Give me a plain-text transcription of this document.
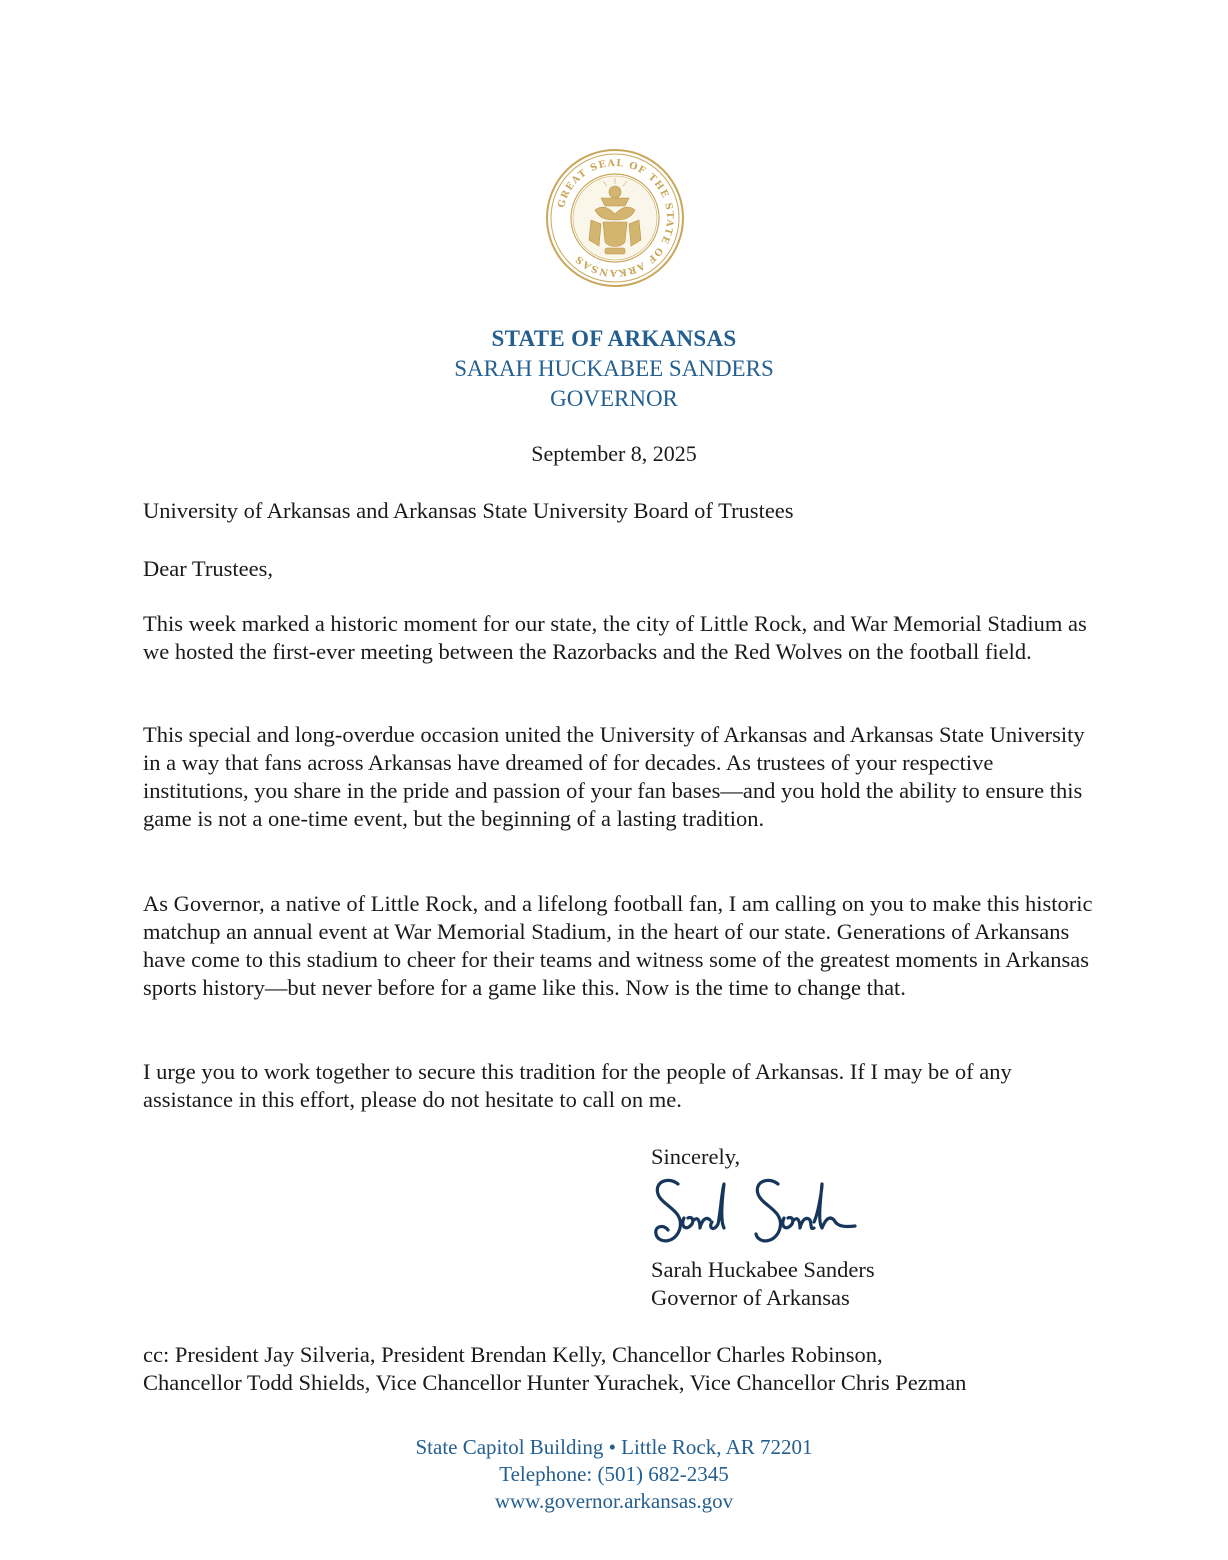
GREAT SEAL OF THE STATE OF ARKANSAS
STATE OF ARKANSAS
SARAH HUCKABEE SANDERS
GOVERNOR
September 8, 2025
University of Arkansas and Arkansas State University Board of Trustees
Dear Trustees,

This week marked a historic moment for our state, the city of Little Rock, and War Memorial Stadium as we hosted the first-ever meeting between the Razorbacks and the Red Wolves on the football field.

This special and long-overdue occasion united the University of Arkansas and Arkansas State University in a way that fans across Arkansas have dreamed of for decades. As trustees of your respective institutions, you share in the pride and passion of your fan bases—and you hold the ability to ensure this game is not a one-time event, but the beginning of a lasting tradition.

As Governor, a native of Little Rock, and a lifelong football fan, I am calling on you to make this historic matchup an annual event at War Memorial Stadium, in the heart of our state. Generations of Arkansans have come to this stadium to cheer for their teams and witness some of the greatest moments in Arkansas sports history—but never before for a game like this. Now is the time to change that.

I urge you to work together to secure this tradition for the people of Arkansas. If I may be of any assistance in this effort, please do not hesitate to call on me.

Sincerely,
Sarah Huckabee Sanders
Governor of Arkansas
cc: President Jay Silveria, President Brendan Kelly, Chancellor Charles Robinson,
Chancellor Todd Shields, Vice Chancellor Hunter Yurachek, Vice Chancellor Chris Pezman
State Capitol Building • Little Rock, AR 72201
Telephone: (501) 682-2345
www.governor.arkansas.gov
